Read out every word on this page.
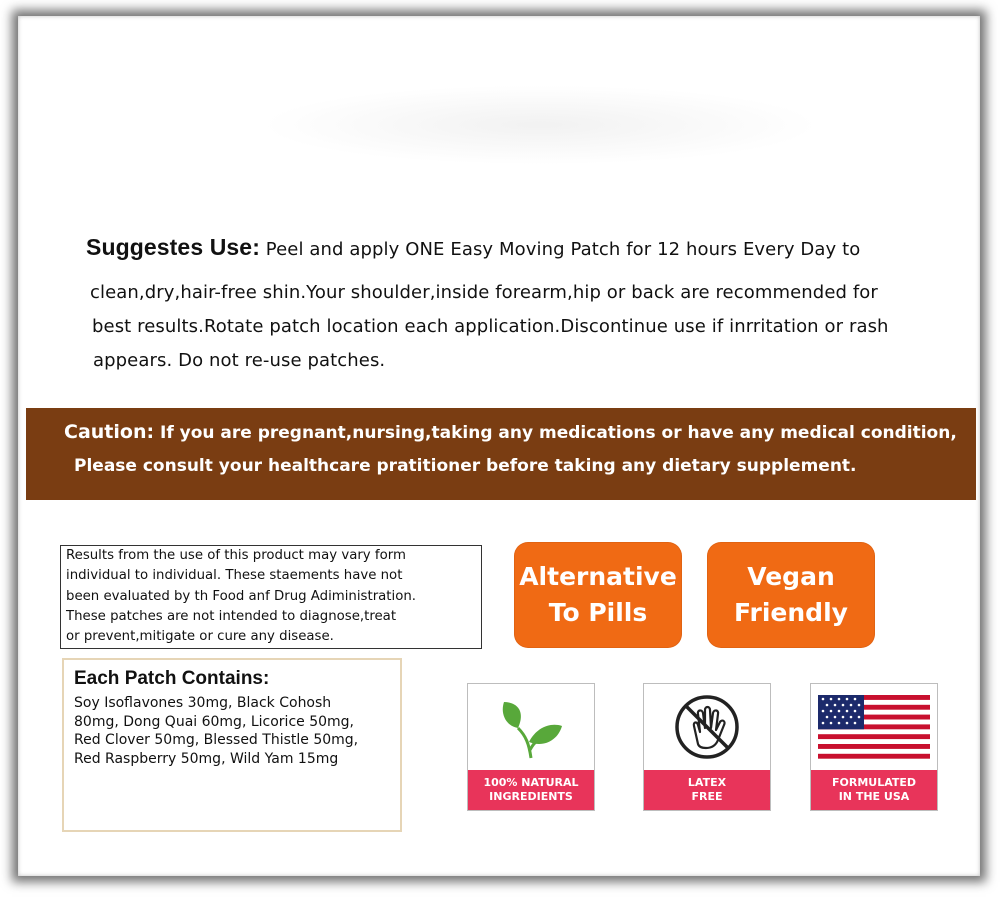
Suggestes Use: Peel and apply ONE Easy Moving Patch for 12 hours Every Day to
clean,dry,hair-free shin.Your shoulder,inside forearm,hip or back are recommended for
best results.Rotate patch location each application.Discontinue use if inrritation or rash
appears. Do not re-use patches.
Caution: If you are pregnant,nursing,taking any medications or have any medical condition,
Please consult your healthcare pratitioner before taking any dietary supplement.
Results from the use of this product may vary form
individual to individual. These staements have not
been evaluated by th Food anf Drug Adiministration.
These patches are not intended to diagnose,treat
or prevent,mitigate or cure any disease.
Each Patch Contains:
Soy Isoflavones 30mg, Black Cohosh
80mg, Dong Quai 60mg, Licorice 50mg,
Red Clover 50mg, Blessed Thistle 50mg,
Red Raspberry 50mg, Wild Yam 15mg
Alternative
To Pills
Vegan
Friendly
100% NATURAL
INGREDIENTS
LATEX
FREE
FORMULATED
IN THE USA
